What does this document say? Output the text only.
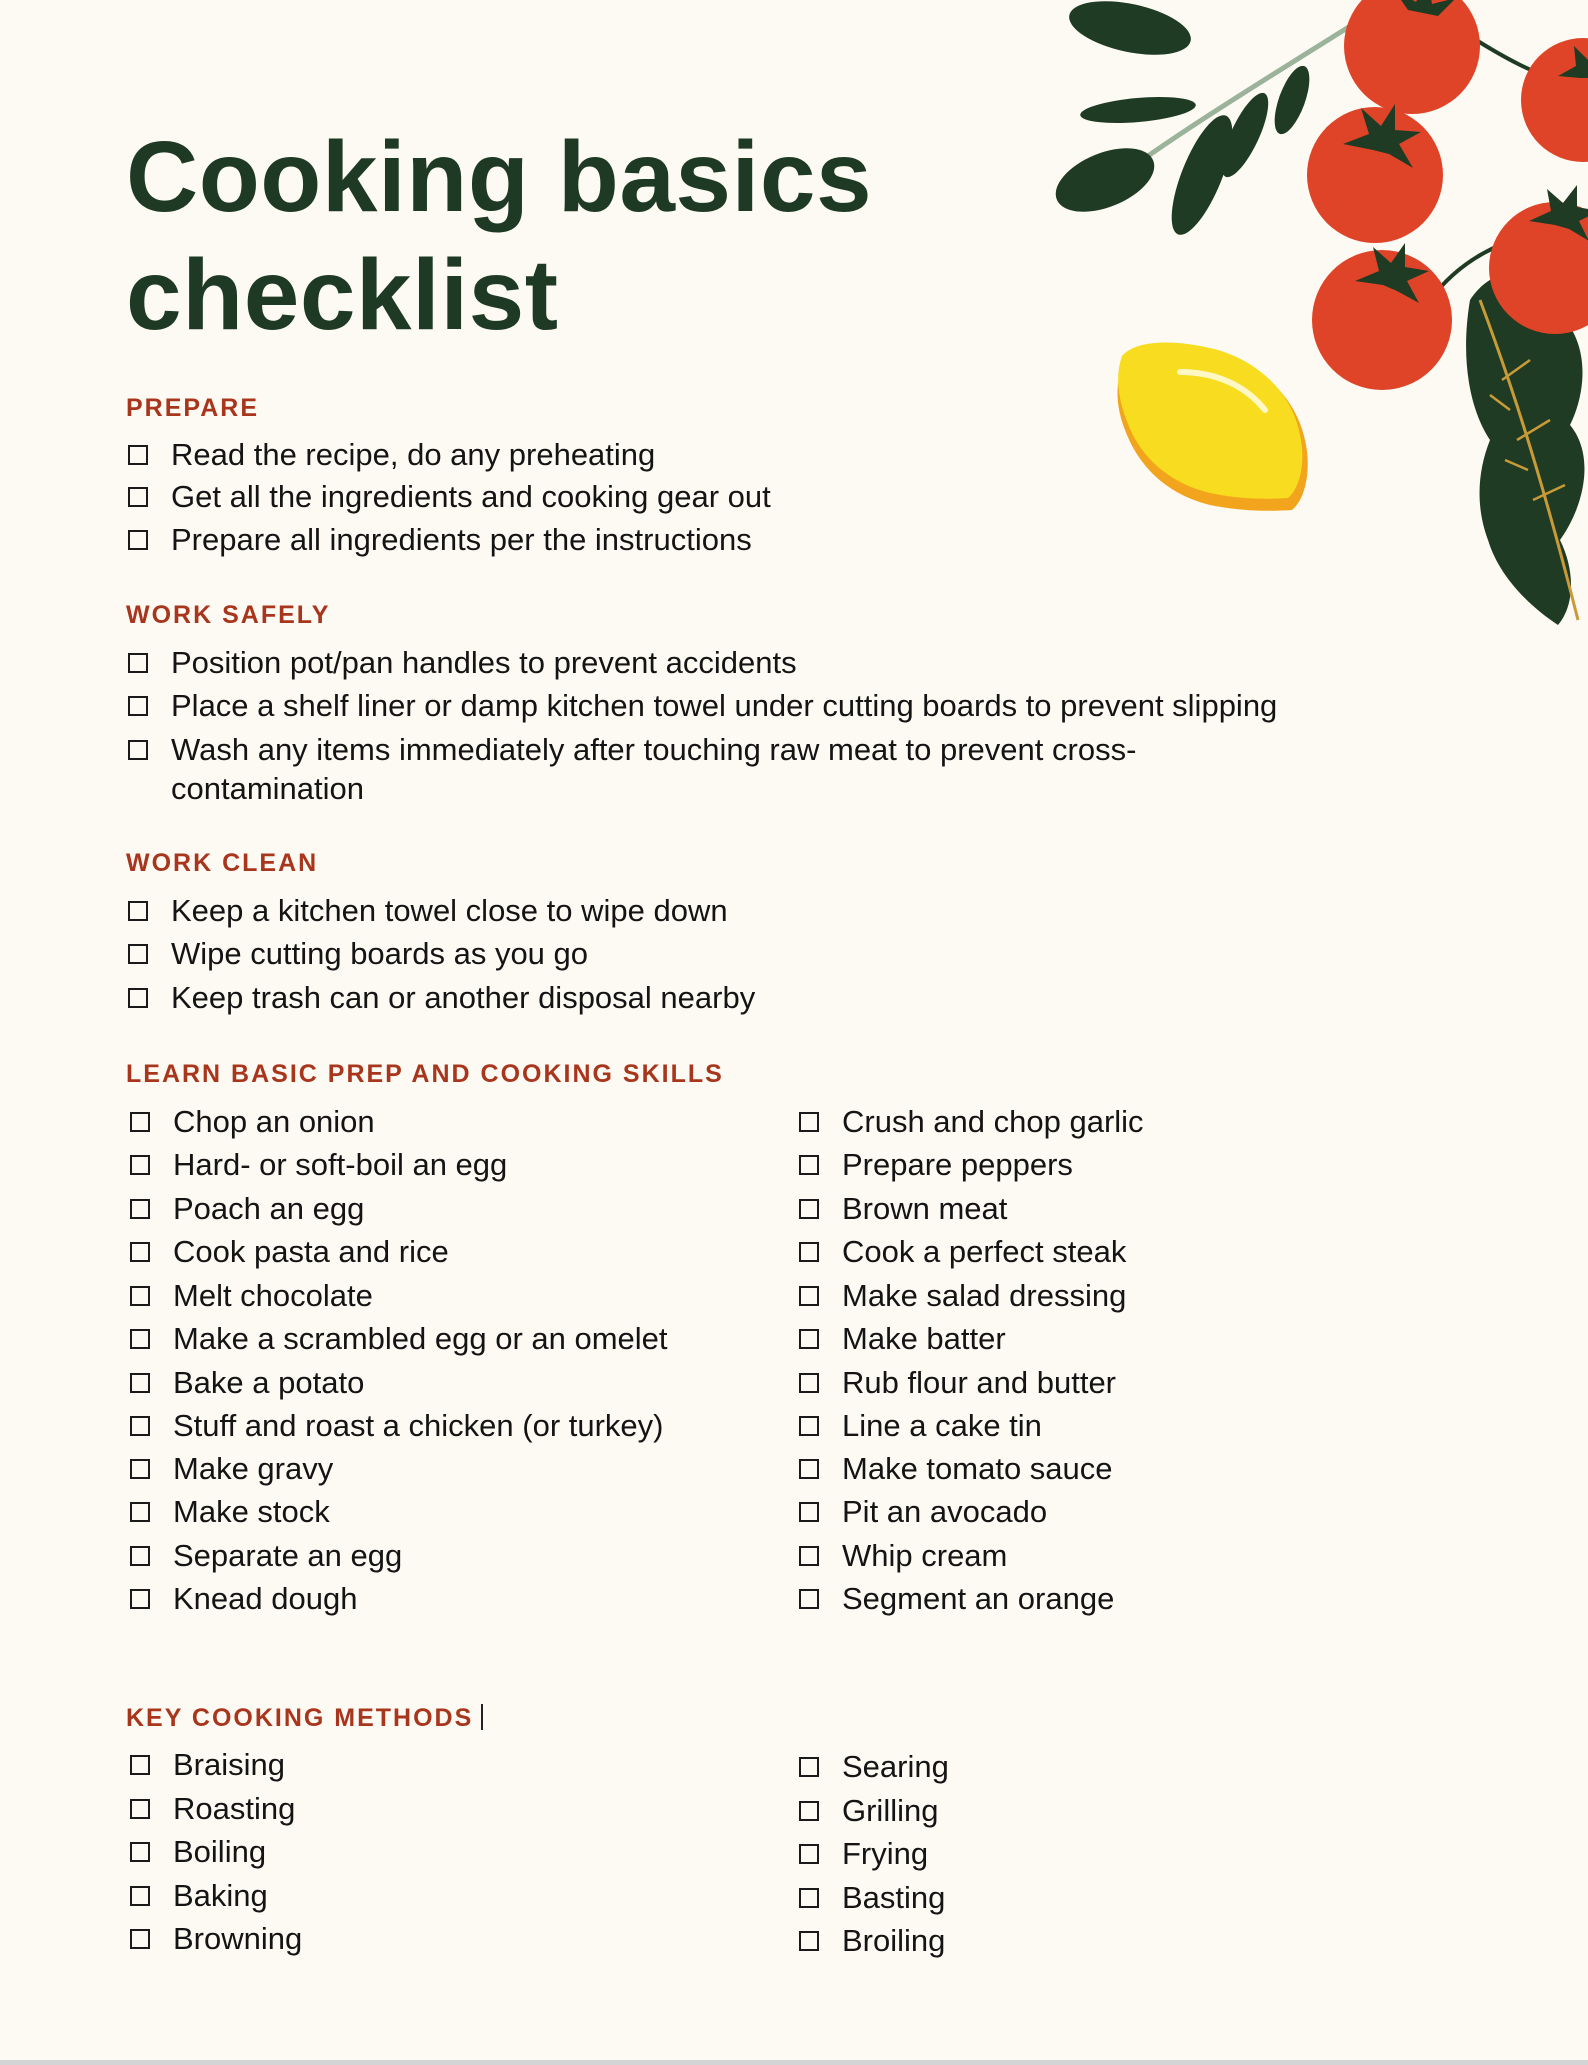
Cooking basics checklist
PREPARE
Read the recipe, do any preheating
Get all the ingredients and cooking gear out
Prepare all ingredients per the instructions
WORK SAFELY
Position pot/pan handles to prevent accidents
Place a shelf liner or damp kitchen towel under cutting boards to prevent slipping
Wash any items immediately after touching raw meat to prevent cross-contamination
WORK CLEAN
Keep a kitchen towel close to wipe down
Wipe cutting boards as you go
Keep trash can or another disposal nearby
LEARN BASIC PREP AND COOKING SKILLS
Chop an onion
Hard- or soft-boil an egg
Poach an egg
Cook pasta and rice
Melt chocolate
Make a scrambled egg or an omelet
Bake a potato
Stuff and roast a chicken (or turkey)
Make gravy
Make stock
Separate an egg
Knead dough
Crush and chop garlic
Prepare peppers
Brown meat
Cook a perfect steak
Make salad dressing
Make batter
Rub flour and butter
Line a cake tin
Make tomato sauce
Pit an avocado
Whip cream
Segment an orange
KEY COOKING METHODS
Braising
Roasting
Boiling
Baking
Browning
Searing
Grilling
Frying
Basting
Broiling
